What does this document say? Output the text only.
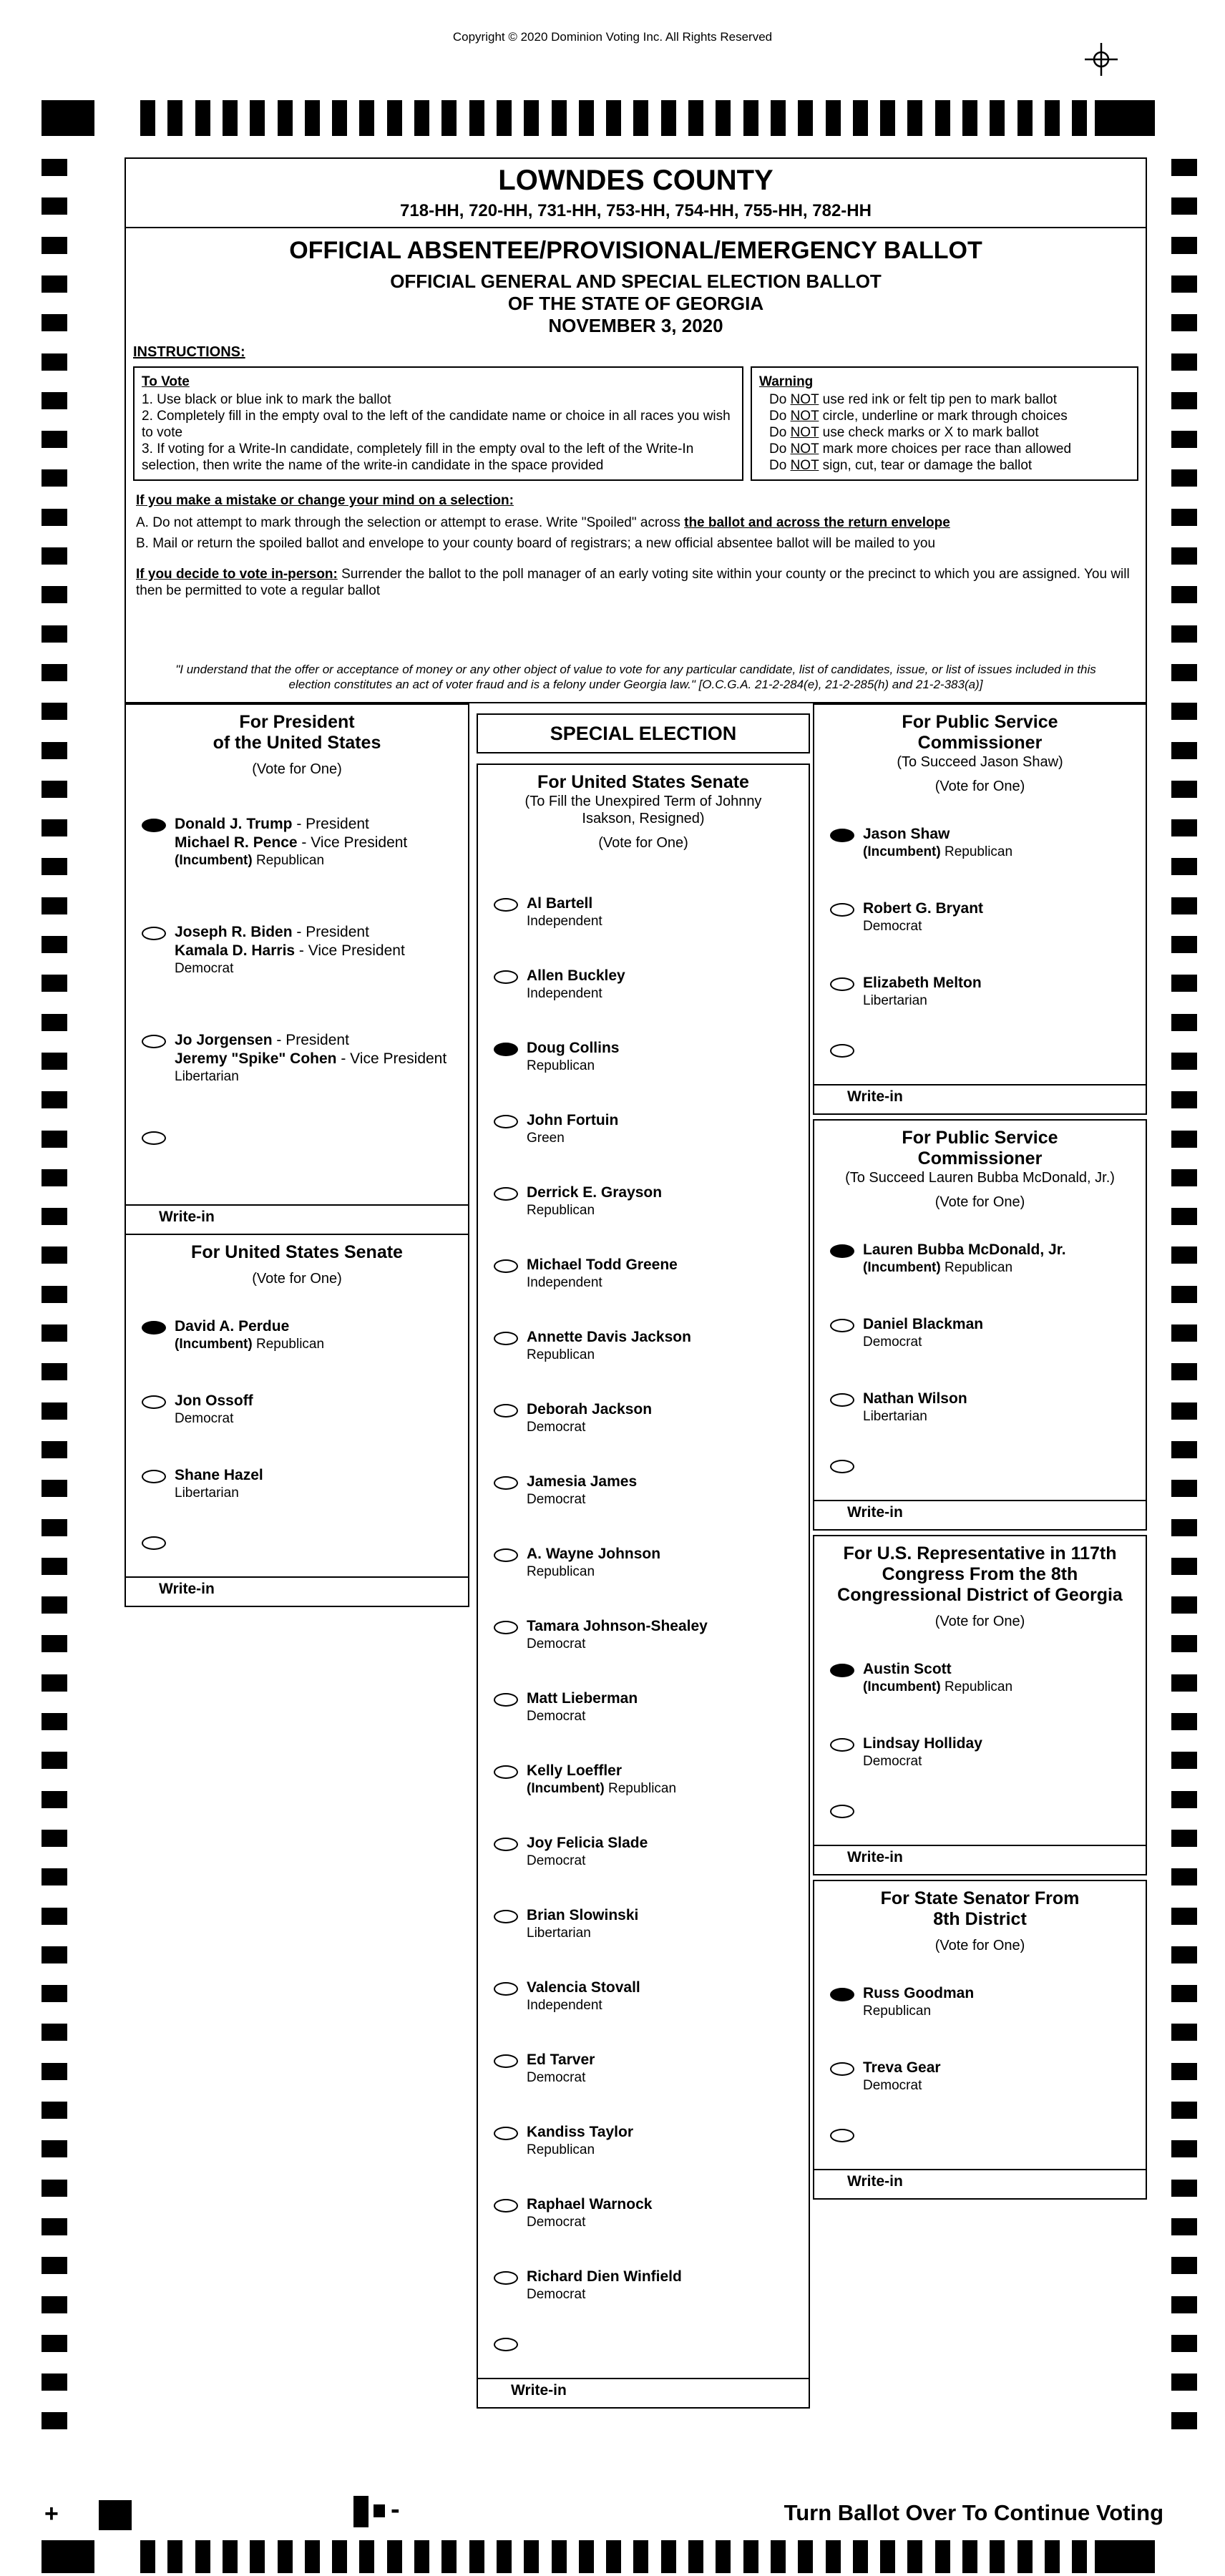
Copyright © 2020 Dominion Voting Inc. All Rights Reserved
LOWNDES COUNTY
718-HH, 720-HH, 731-HH, 753-HH, 754-HH, 755-HH, 782-HH
OFFICIAL ABSENTEE/PROVISIONAL/EMERGENCY BALLOT
OFFICIAL GENERAL AND SPECIAL ELECTION BALLOT
OF THE STATE OF GEORGIA
NOVEMBER 3, 2020
INSTRUCTIONS:
To Vote
1. Use black or blue ink to mark the ballot
2. Completely fill in the empty oval to the left of the candidate name or choice in all races you wish to vote
3. If voting for a Write-In candidate, completely fill in the empty oval to the left of the Write-In selection, then write the name of the write-in candidate in the space provided
Warning
Do NOT use red ink or felt tip pen to mark ballot
Do NOT circle, underline or mark through choices
Do NOT use check marks or X to mark ballot
Do NOT mark more choices per race than allowed
Do NOT sign, cut, tear or damage the ballot
If you make a mistake or change your mind on a selection:
A. Do not attempt to mark through the selection or attempt to erase. Write "Spoiled" across the ballot and across the return envelope
B. Mail or return the spoiled ballot and envelope to your county board of registrars; a new official absentee ballot will be mailed to you
If you decide to vote in-person: Surrender the ballot to the poll manager of an early voting site within your county or the precinct to which you are assigned. You will then be permitted to vote a regular ballot
"I understand that the offer or acceptance of money or any other object of value to vote for any particular candidate, list of candidates, issue, or list of issues included in this election constitutes an act of voter fraud and is a felony under Georgia law." [O.C.G.A. 21-2-284(e), 21-2-285(h) and 21-2-383(a)]
For President
of the United States
(Vote for One)
Donald J. Trump - President
Michael R. Pence - Vice President
(Incumbent) Republican
Joseph R. Biden - President
Kamala D. Harris - Vice President
Democrat
Jo Jorgensen - President
Jeremy "Spike" Cohen - Vice President
Libertarian
Write-in
For United States Senate
(Vote for One)
David A. Perdue
(Incumbent) Republican
Jon Ossoff
Democrat
Shane Hazel
Libertarian
Write-in
SPECIAL ELECTION
For United States Senate
(To Fill the Unexpired Term of Johnny
Isakson, Resigned)
(Vote for One)
Al Bartell
Independent
Allen Buckley
Independent
Doug Collins
Republican
John Fortuin
Green
Derrick E. Grayson
Republican
Michael Todd Greene
Independent
Annette Davis Jackson
Republican
Deborah Jackson
Democrat
Jamesia James
Democrat
A. Wayne Johnson
Republican
Tamara Johnson-Shealey
Democrat
Matt Lieberman
Democrat
Kelly Loeffler
(Incumbent) Republican
Joy Felicia Slade
Democrat
Brian Slowinski
Libertarian
Valencia Stovall
Independent
Ed Tarver
Democrat
Kandiss Taylor
Republican
Raphael Warnock
Democrat
Richard Dien Winfield
Democrat
Write-in
For Public Service
Commissioner
(To Succeed Jason Shaw)
(Vote for One)
Jason Shaw
(Incumbent) Republican
Robert G. Bryant
Democrat
Elizabeth Melton
Libertarian
Write-in
For Public Service
Commissioner
(To Succeed Lauren Bubba McDonald, Jr.)
(Vote for One)
Lauren Bubba McDonald, Jr.
(Incumbent) Republican
Daniel Blackman
Democrat
Nathan Wilson
Libertarian
Write-in
For U.S. Representative in 117th
Congress From the 8th
Congressional District of Georgia
(Vote for One)
Austin Scott
(Incumbent) Republican
Lindsay Holliday
Democrat
Write-in
For State Senator From
8th District
(Vote for One)
Russ Goodman
Republican
Treva Gear
Democrat
Write-in
Turn Ballot Over To Continue Voting
+	-
